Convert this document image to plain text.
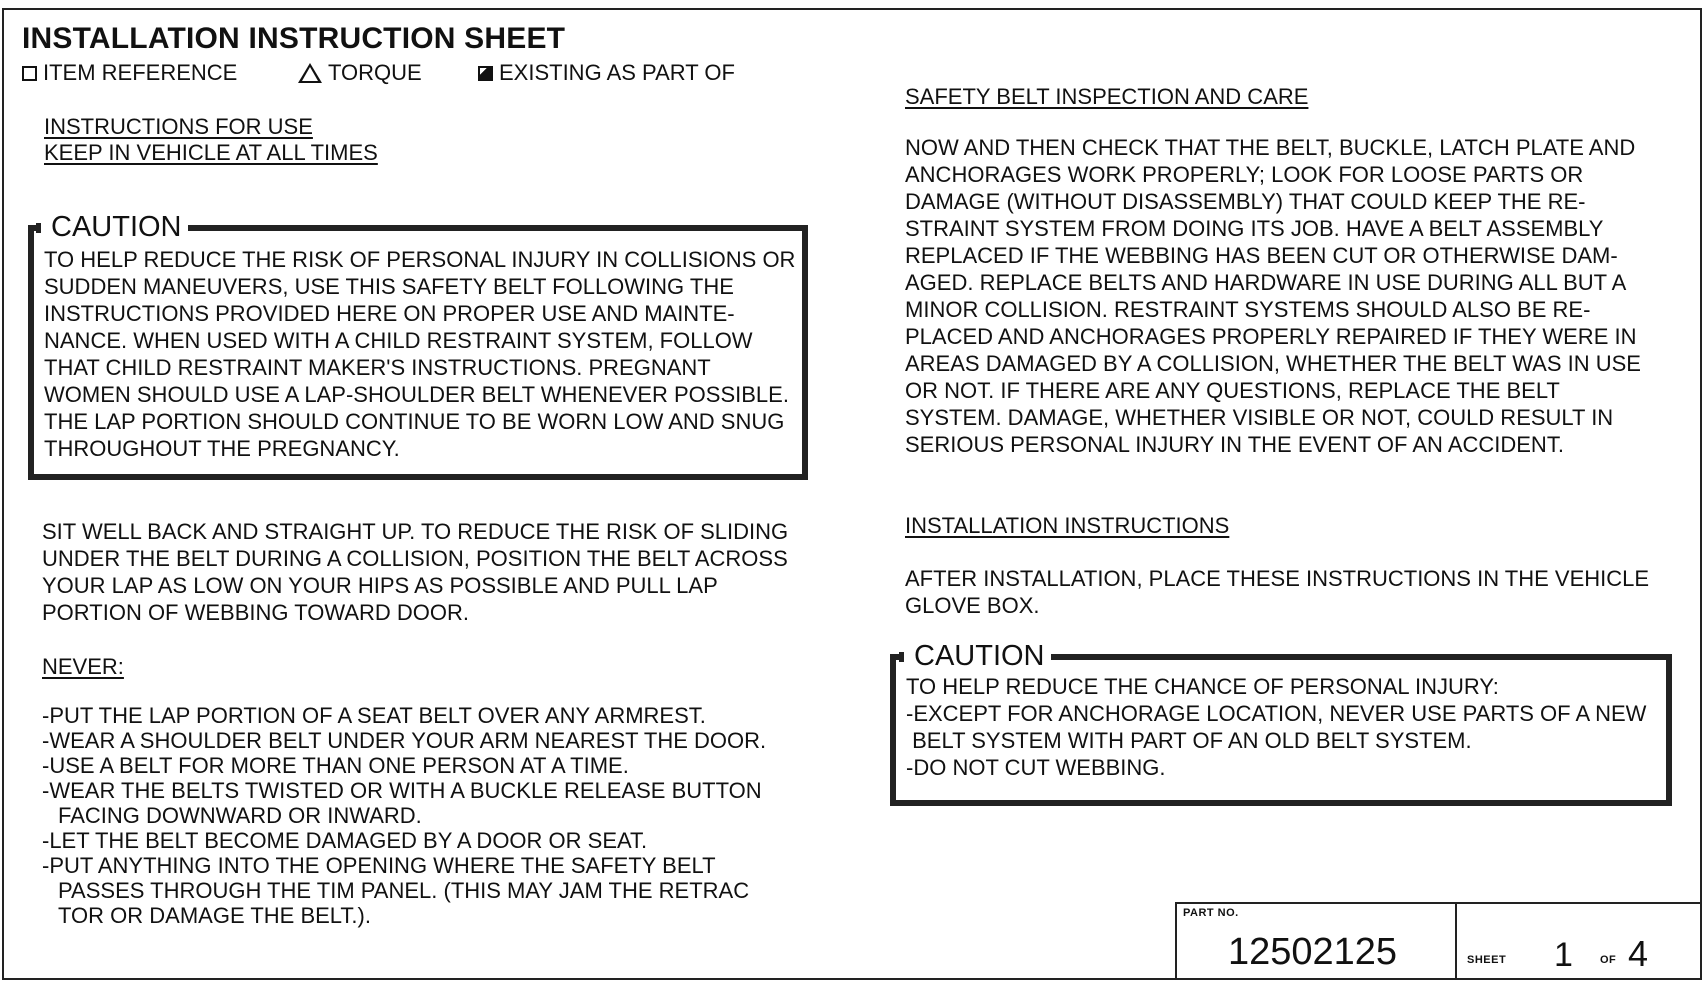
INSTALLATION INSTRUCTION SHEET
ITEM REFERENCE	TORQUE	EXISTING AS PART OF
INSTRUCTIONS FOR USE
KEEP IN VEHICLE AT ALL TIMES
CAUTION
TO HELP REDUCE THE RISK OF PERSONAL INJURY IN COLLISIONS OR
SUDDEN MANEUVERS, USE THIS SAFETY BELT FOLLOWING THE
INSTRUCTIONS PROVIDED HERE ON PROPER USE AND MAINTE-
NANCE. WHEN USED WITH A CHILD RESTRAINT SYSTEM, FOLLOW
THAT CHILD RESTRAINT MAKER'S INSTRUCTIONS. PREGNANT
WOMEN SHOULD USE A LAP-SHOULDER BELT WHENEVER POSSIBLE.
THE LAP PORTION SHOULD CONTINUE TO BE WORN LOW AND SNUG
THROUGHOUT THE PREGNANCY.
SIT WELL BACK AND STRAIGHT UP. TO REDUCE THE RISK OF SLIDING
UNDER THE BELT DURING A COLLISION, POSITION THE BELT ACROSS
YOUR LAP AS LOW ON YOUR HIPS AS POSSIBLE AND PULL LAP
PORTION OF WEBBING TOWARD DOOR.
NEVER:
-PUT THE LAP PORTION OF A SEAT BELT OVER ANY ARMREST.
-WEAR A SHOULDER BELT UNDER YOUR ARM NEAREST THE DOOR.
-USE A BELT FOR MORE THAN ONE PERSON AT A TIME.
-WEAR THE BELTS TWISTED OR WITH A BUCKLE RELEASE BUTTON
FACING DOWNWARD OR INWARD.
-LET THE BELT BECOME DAMAGED BY A DOOR OR SEAT.
-PUT ANYTHING INTO THE OPENING WHERE THE SAFETY BELT
PASSES THROUGH THE TIM PANEL. (THIS MAY JAM THE RETRAC
TOR OR DAMAGE THE BELT.).
SAFETY BELT INSPECTION AND CARE
NOW AND THEN CHECK THAT THE BELT, BUCKLE, LATCH PLATE AND
ANCHORAGES WORK PROPERLY; LOOK FOR LOOSE PARTS OR
DAMAGE (WITHOUT DISASSEMBLY) THAT COULD KEEP THE RE-
STRAINT SYSTEM FROM DOING ITS JOB. HAVE A BELT ASSEMBLY
REPLACED IF THE WEBBING HAS BEEN CUT OR OTHERWISE DAM-
AGED. REPLACE BELTS AND HARDWARE IN USE DURING ALL BUT A
MINOR COLLISION. RESTRAINT SYSTEMS SHOULD ALSO BE RE-
PLACED AND ANCHORAGES PROPERLY REPAIRED IF THEY WERE IN
AREAS DAMAGED BY A COLLISION, WHETHER THE BELT WAS IN USE
OR NOT. IF THERE ARE ANY QUESTIONS, REPLACE THE BELT
SYSTEM. DAMAGE, WHETHER VISIBLE OR NOT, COULD RESULT IN
SERIOUS PERSONAL INJURY IN THE EVENT OF AN ACCIDENT.
INSTALLATION INSTRUCTIONS
AFTER INSTALLATION, PLACE THESE INSTRUCTIONS IN THE VEHICLE
GLOVE BOX.
CAUTION
TO HELP REDUCE THE CHANCE OF PERSONAL INJURY:
-EXCEPT FOR ANCHORAGE LOCATION, NEVER USE PARTS OF A NEW
BELT SYSTEM WITH PART OF AN OLD BELT SYSTEM.
-DO NOT CUT WEBBING.
PART NO.
12502125	SHEET 1 OF 4
